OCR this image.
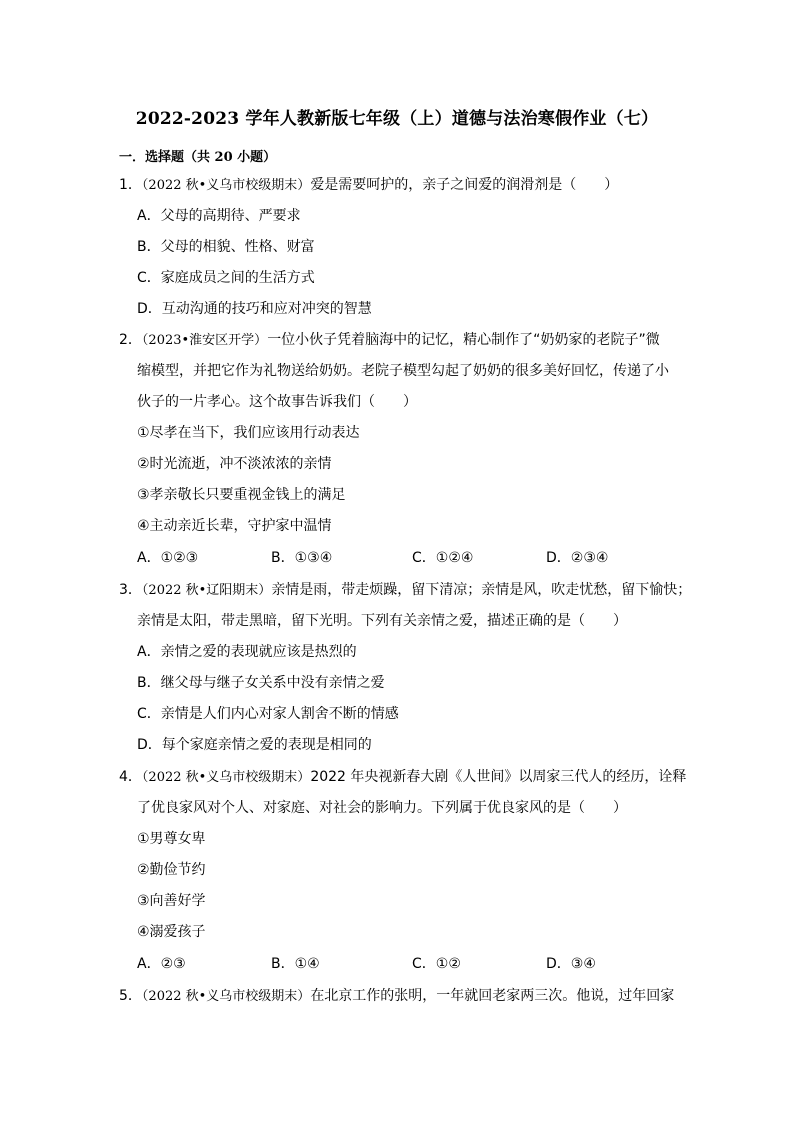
2022-2023 学年人教新版七年级（上）道德与法治寒假作业（七）
一．选择题（共 20 小题）
1．（2022 秋•义乌市校级期末）爱是需要呵护的，亲子之间爱的润滑剂是（　　）
A．父母的高期待、严要求
B．父母的相貌、性格、财富
C．家庭成员之间的生活方式
D．互动沟通的技巧和应对冲突的智慧
2．（2023•淮安区开学）一位小伙子凭着脑海中的记忆，精心制作了“奶奶家的老院子”微
缩模型，并把它作为礼物送给奶奶。老院子模型勾起了奶奶的很多美好回忆，传递了小
伙子的一片孝心。这个故事告诉我们（　　）
①尽孝在当下，我们应该用行动表达
②时光流逝，冲不淡浓浓的亲情
③孝亲敬长只要重视金钱上的满足
④主动亲近长辈，守护家中温情
A．①②③	B．①③④	C．①②④	D．②③④
3．（2022 秋•辽阳期末）亲情是雨，带走烦躁，留下清凉；亲情是风，吹走忧愁，留下愉快；
亲情是太阳，带走黑暗，留下光明。下列有关亲情之爱，描述正确的是（　　）
A．亲情之爱的表现就应该是热烈的
B．继父母与继子女关系中没有亲情之爱
C．亲情是人们内心对家人割舍不断的情感
D．每个家庭亲情之爱的表现是相同的
4．（2022 秋•义乌市校级期末）2022 年央视新春大剧《人世间》以周家三代人的经历，诠释
了优良家风对个人、对家庭、对社会的影响力。下列属于优良家风的是（　　）
①男尊女卑
②勤俭节约
③向善好学
④溺爱孩子
A．②③	B．①④	C．①②	D．③④
5．（2022 秋•义乌市校级期末）在北京工作的张明，一年就回老家两三次。他说，过年回家
